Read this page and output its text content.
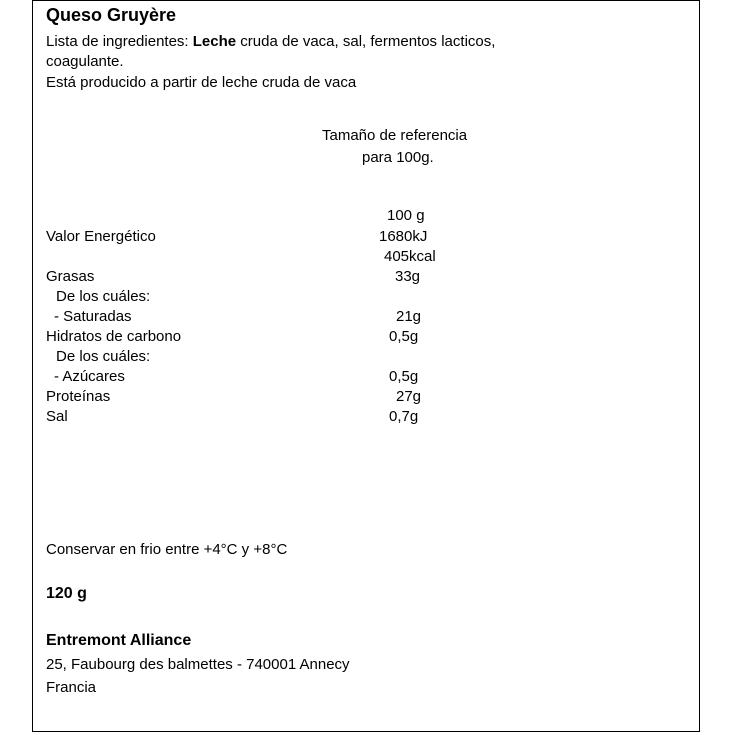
Queso Gruyère
Lista de ingredientes: Leche cruda de vaca, sal, fermentos lacticos,
coagulante.
Está producido a partir de leche cruda de vaca
Tamaño de referencia
para 100g.
100 g
Valor Energético	1680kJ
405kcal
Grasas	33g
De los cuáles:
- Saturadas	21g
Hidratos de carbono	0,5g
De los cuáles:
- Azúcares	0,5g
Proteínas	27g
Sal	0,7g
Conservar en frio entre +4°C y +8°C
120 g
Entremont Alliance
25, Faubourg des balmettes - 740001 Annecy
Francia
